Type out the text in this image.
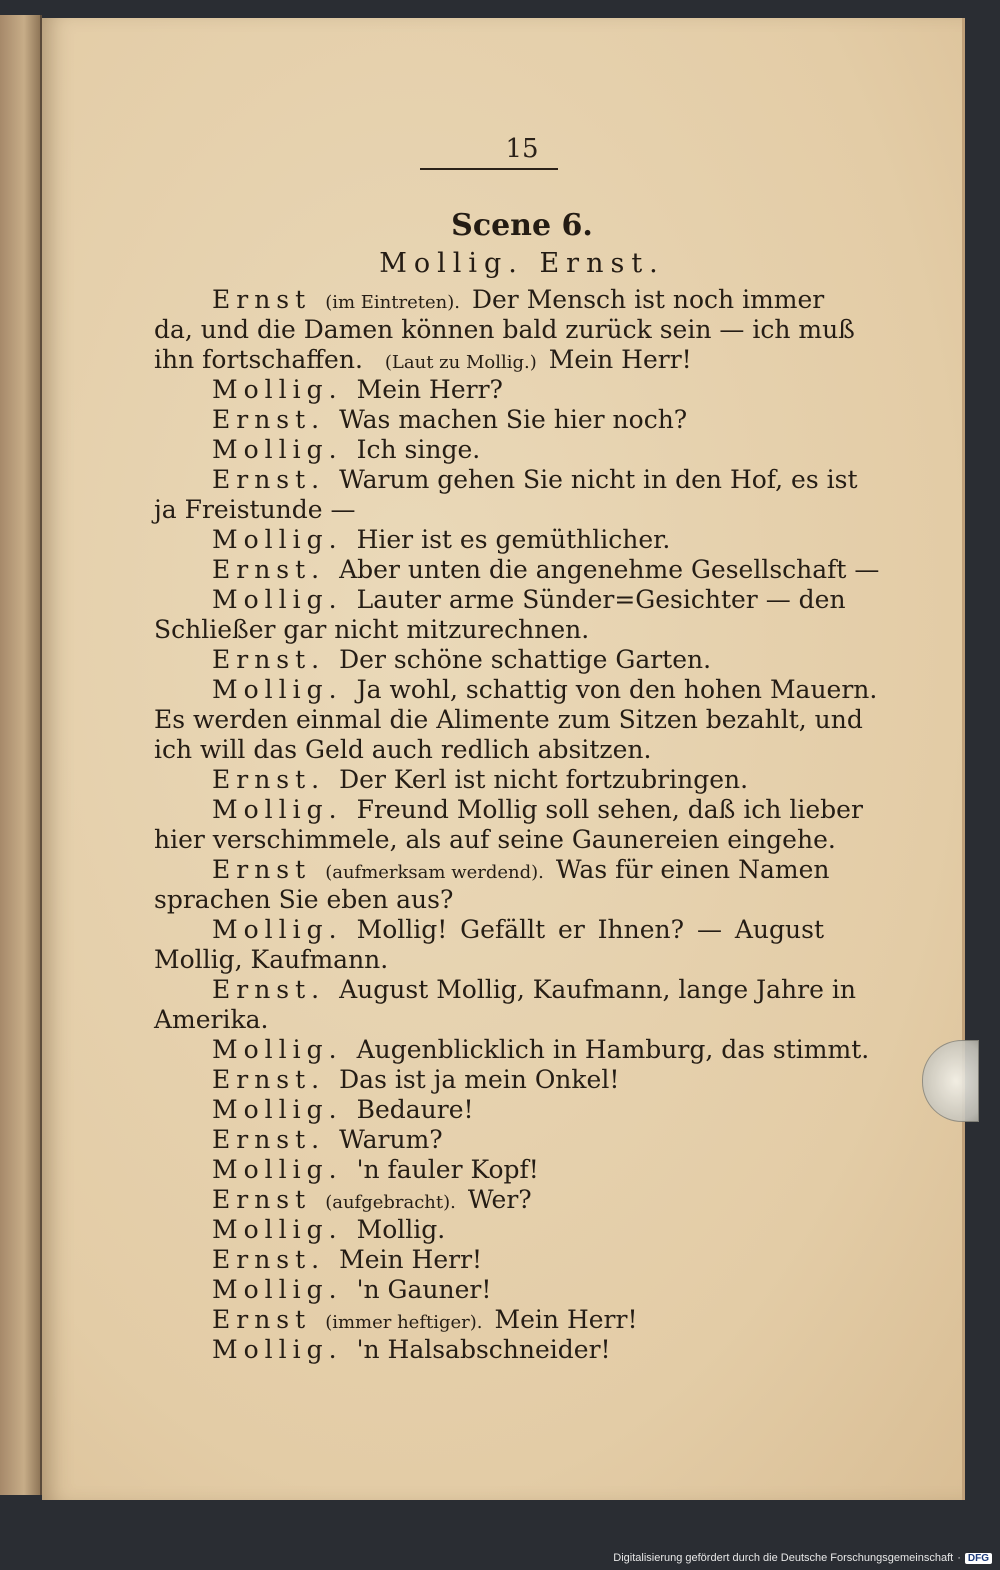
15
Scene 6.
Mollig. Ernst.
Ernst (im Eintreten). Der Mensch ist noch immer
da, und die Damen können bald zurück sein — ich muß
ihn fortschaffen. (Laut zu Mollig.) Mein Herr!
Mollig. Mein Herr?
Ernst. Was machen Sie hier noch?
Mollig. Ich singe.
Ernst. Warum gehen Sie nicht in den Hof, es ist
ja Freistunde —
Mollig. Hier ist es gemüthlicher.
Ernst. Aber unten die angenehme Gesellschaft —
Mollig. Lauter arme Sünder=Gesichter — den
Schließer gar nicht mitzurechnen.
Ernst. Der schöne schattige Garten.
Mollig. Ja wohl, schattig von den hohen Mauern.
Es werden einmal die Alimente zum Sitzen bezahlt, und
ich will das Geld auch redlich absitzen.
Ernst. Der Kerl ist nicht fortzubringen.
Mollig. Freund Mollig soll sehen, daß ich lieber
hier verschimmele, als auf seine Gaunereien eingehe.
Ernst (aufmerksam werdend). Was für einen Namen
sprachen Sie eben aus?
Mollig. Mollig! Gefällt er Ihnen? — August
Mollig, Kaufmann.
Ernst. August Mollig, Kaufmann, lange Jahre in
Amerika.
Mollig. Augenblicklich in Hamburg, das stimmt.
Ernst. Das ist ja mein Onkel!
Mollig. Bedaure!
Ernst. Warum?
Mollig. 'n fauler Kopf!
Ernst (aufgebracht). Wer?
Mollig. Mollig.
Ernst. Mein Herr!
Mollig. 'n Gauner!
Ernst (immer heftiger). Mein Herr!
Mollig. 'n Halsabschneider!
Digitalisierung gefördert durch die Deutsche Forschungsgemeinschaft · DFG
